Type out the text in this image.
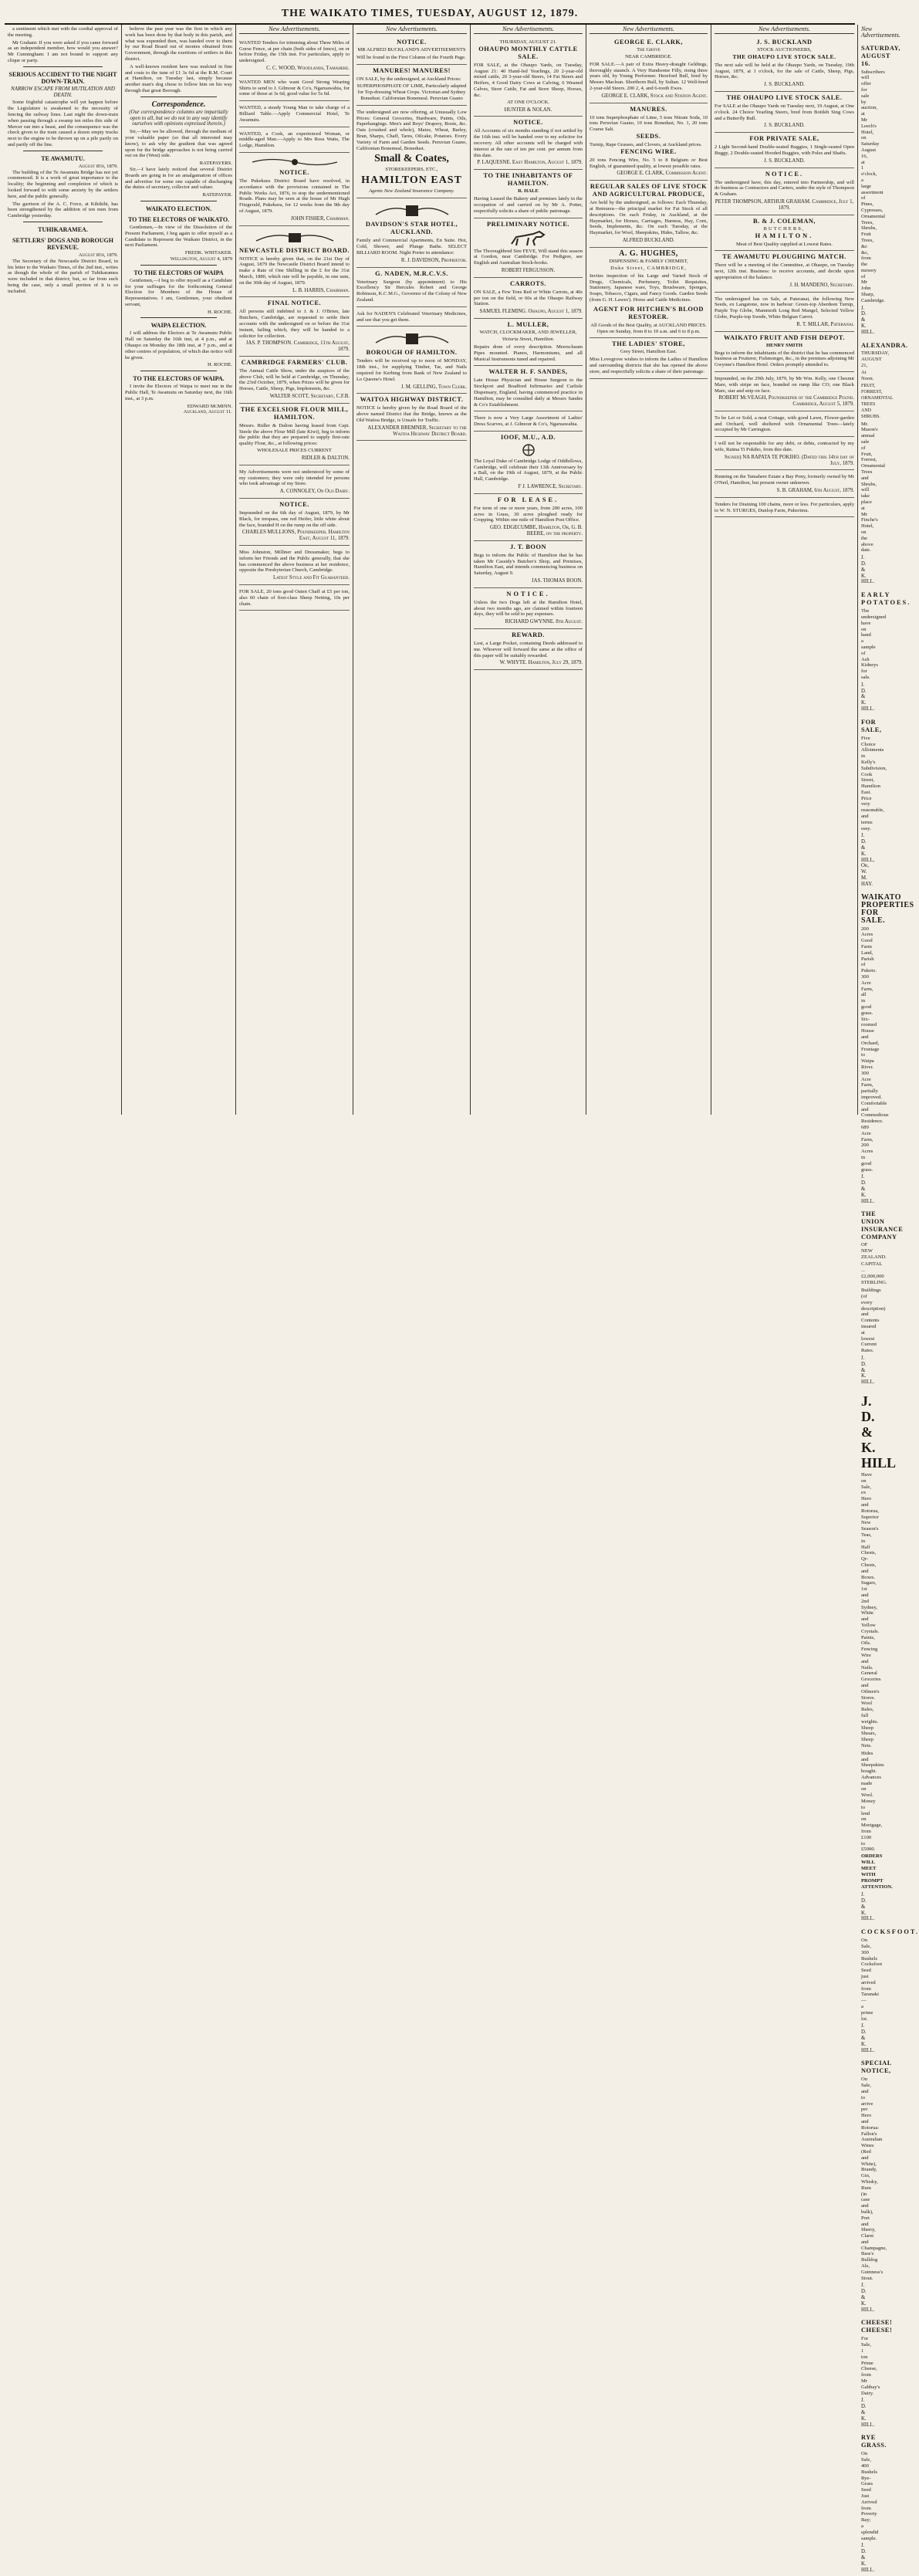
THE WAIKATO TIMES, TUESDAY, AUGUST 12, 1879.

a sentiment which met with the cordial approval of the meeting.

Mr Graham: If you were asked if you came forward as an independent member, how would you answer? Mr Cunningham: I am not bound to support any clique or party.

SERIOUS ACCIDENT TO THE NIGHT DOWN-TRAIN.
NARROW ESCAPE FROM MUTILATION AND DEATH.

Some frightful catastrophe will yet happen before the Legislature is awakened to the necessity of fencing the railway lines. Last night the down-train when passing through a swamp ten miles this side of Mercer ran into a beast, and the consequence was the check given to the train caused a dozen empty trucks next to the engine to be thrown up on a pile partly on and partly off the line.

TE AWAMUTU.
August 8th, 1879.

The building of the Te Awamutu Bridge has not yet commenced. It is a work of great importance to the locality; the beginning and completion of which is looked forward to with some anxiety by the settlers here, and the public generally.

The garrison of the A. C. Force, at Kihikihi, has been strengthened by the addition of ten men from Cambridge yesterday.

TUHIKARAMEA.
SETTLERS' DOGS AND BOROUGH REVENUE.
August 8th, 1879.

The Secretary of the Newcastle District Board, in his letter to the Waikato Times, of the 2nd inst., writes as though the whole of the parish of Tuhikaramea were included in that district; but, so far from such being the case, only a small portion of it is so included.

believe the past year was the first in which any work has been done by that body in this parish, and what was expended then, was handed over to them by our Road Board out of monies obtained from Government, through the exertions of settlers in this district.

A well-known resident here was mulcted in fine and costs to the tune of £1 3s 6d at the R.M. Court at Hamilton, on Tuesday last, simply because another man's dog chose to follow him on his way through that great Borough.

Correspondence.
(Our correspondence columns are impartially open to all, but we do not in any way identify ourselves with opinions expressed therein.)

Sir,—May we be allowed, through the medium of your valuable paper (so that all interested may know), to ask why the gradient that was agreed upon for the bridge approaches is not being carried out on the (West) side.

RATEPAYERS.

Sir,—I have lately noticed that several District Boards are going in for an amalgamation of offices and advertise for some one capable of discharging the duties of secretary, collector and valuer.

RATEPAYER.
WAIKATO ELECTION.
TO THE ELECTORS OF WAIKATO.

Gentlemen,—In view of the Dissolution of the Present Parliament, I beg again to offer myself as a Candidate to Represent the Waikato District, in the next Parliament.

FREDK. WHITAKER.
Wellington, August 4, 1879
TO THE ELECTORS OF WAIPA

Gentlemen,—I beg to offer myself as a Candidate for your suffrages for the forthcoming General Election for Members of the House of Representatives. I am, Gentlemen, your obedient servant,

H. ROCHE.
WAIPA ELECTION.

I will address the Electors at Te Awamutu Public Hall on Saturday the 16th inst, at 4 p.m., and at Ohaupo on Monday the 18th inst, at 7 p.m., and at other centres of population, of which due notice will be given.

H. ROCHE.
TO THE ELECTORS OF WAIPA.

I invite the Electors of Waipa to meet me in the Public Hall, Te Awamutu on Saturday next, the 16th inst., at 3 p.m.

EDWARD McMINN.
Auckland, August 11.
New Advertisements.
WANTED Tenders for trimming about Three Miles of Gorse Fence, at per chain (both sides of fence), on or before Friday, the 15th inst. For particulars, apply to undersigned.
C. C. WOOD, Woodlands, Tamahere.
WANTED MEN who want Good Strong Wearing Shirts to send to J. Gilmour & Co's, Ngaruawahia, for some of those at 3s 6d, good value for 5s 6d.
WANTED, a steady Young Man to take charge of a Billiard Table.—Apply Commercial Hotel, Te Awamutu.
WANTED, a Cook, an experienced Woman, or middle-aged Man.—Apply to Mrs Ross Watts, The Lodge, Hamilton.
NOTICE.
The Pukekura District Board have resolved, in accordance with the provisions contained in The Public Works Act, 1876, to stop the undermentioned Roads. Plans may be seen at the house of Mr Hugh Fitzgerald, Pukekura, for 12 weeks from the 9th day of August, 1879.
JOHN FISHER, Chairman.
NEWCASTLE DISTRICT BOARD.
NOTICE is hereby given that, on the 21st Day of August, 1879 the Newcastle District Board intend to make a Rate of One Shilling in the £ for the 31st March, 1880, which rate will be payable, in one sum, on the 30th day of August, 1879.
L. B. HARRIS, Chairman.
FINAL NOTICE.
All persons still indebted to J. & J. O'Brien, late Butchers, Cambridge, are requested to settle their accounts with the undersigned on or before the 31st instant, failing which, they will be handed to a solicitor for collection.
JAS. P. THOMPSON. Cambridge, 11th August, 1879.
CAMBRIDGE FARMERS' CLUB.
The Annual Cattle Show, under the auspices of the above Club, will be held at Cambridge, on Thursday, the 23rd October, 1879, when Prizes will be given for Horses, Cattle, Sheep, Pigs, Implements, &c.
WALTER SCOTT, Secretary, C.F.B.
THE EXCELSIOR FLOUR MILL, HAMILTON.
Messrs. Ridler & Dalton having leased from Capt. Steele the above Flour Mill (late Kiwi), beg to inform the public that they are prepared to supply first-rate quality Flour, &c., at following prices:
WHOLESALE PRICES CURRENT
RIDLER & DALTON.
My Advertisements were not understood by some of my customers; they were only intended for persons who took advantage of my Store.
A. CONNOLEY, On Old Dairy.
NOTICE.
Impounded on the 6th day of August, 1879, by Mr Black, for trespass, one red Heifer, little white about the face, branded H on the rump on the off side.
CHARLES MULLIONS, Poundkeeper. Hamilton East, August 11, 1879.
Miss Johnston, Milliner and Dressmaker, begs to inform her Friends and the Public generally, that she has commenced the above business at her residence, opposite the Presbyterian Church, Cambridge.
Latest Style and Fit Guaranteed.
FOR SALE, 20 tons good Oaten Chaff at £5 per ton, also 60 chain of first-class Sheep Netting, 10s per chain.
New Advertisements.
NOTICE.
MR ALFRED BUCKLAND'S ADVERTISEMENTS
Will be found in the First Column of the Fourth Page.
MANURES! MANURES!
ON SALE, by the undersigned, at Auckland Prices:
SUPERPHOSPHATE OF LIME, Particularly adapted for Top-dressing Wheat Crops. Victorian and Sydney Bonedust. Californian Bonemeal. Peruvian Guano
The undersigned are now offering, at Unusually Low Prices: General Groceries, Hardware, Paints, Oils, Paperhangings. Men's and Boys' Drapery, Boots, &c. Oats (crushed and whole), Maize, Wheat, Barley, Bran, Sharps, Chaff, Tares, Oilcake, Potatoes. Every Variety of Farm and Garden Seeds. Peruvian Guano, Californian Bonemeal, Bonedust.
Small & Coates,
STOREKEEPERS, ETC.,
HAMILTON EAST
Agents New Zealand Insurance Company.
DAVIDSON'S STAR HOTEL, AUCKLAND.
Family and Commercial Apartments, En Suite. Hot, Cold, Shower, and Plunge Baths. SELECT BILLIARD ROOM. Night Porter in attendance:
R. J. DAVIDSON, Proprietor.
G. NADEN, M.R.C.V.S.
Veterinary Surgeon (by appointment) to His Excellency Sir Hercules Robert and George Robinson, K.C.M.G., Governor of the Colony of New Zealand.
Ask for NADEN'S Celebrated Veterinary Medicines, and see that you get them.
BOROUGH OF HAMILTON.
Tenders will be received up to noon of MONDAY, 18th inst., for supplying Timber, Tar, and Nails required for Kerbing from Bank of New Zealand to Lo Queene's Hotel.
J. M. GELLING, Town Clerk.
WAITOA HIGHWAY DISTRICT.
NOTICE is hereby given by the Road Board of the above named District that the Bridge, known as the Old Waitoa Bridge, is Unsafe for Traffic.
ALEXANDER BREMNER, Secretary to the Waitoa Highway District Board.
New Advertisements.
THURSDAY, AUGUST 21.
OHAUPO MONTHLY CATTLE SALE.
FOR SALE, at the Ohaupo Yards, on Tuesday, August 21: 40 Hand-fed Yearlings, 20 2-year-old mixed cattle, 20 3-year-old Steers, 14 Fat Steers and Heifers, 4 Good Dairy Cows at Calving, 6 Weaned Calves, Store Cattle, Fat and Store Sheep, Horses, &c.
AT ONE O'CLOCK.
HUNTER & NOLAN.
NOTICE.
All Accounts of six months standing if not settled by the 16th inst. will be handed over to my solicitor for recovery. All other accounts will be charged with interest at the rate of ten per cent. per annum from this date.
P. LAQUESNE. East Hamilton, August 1, 1879.
TO THE INHABITANTS OF HAMILTON.
R. HALE
Having Leased the Bakery and premises lately in the occupation of and carried on by Mr A. Potter, respectfully solicits a share of public patronage.
PRELIMINARY NOTICE.
The Thoroughbred Sire FEVE, Will stand this season at Gordon, near Cambridge. For Pedigree, see English and Australian Stock-books.
ROBERT FERGUSSON.
CARROTS.
ON SALE, a Few Tons Red or White Carrots, at 40s per ton on the field, or 60s at the Ohaupo Railway Station.
SAMUEL FLEMING. Ohaupo, August 1, 1879.
L. MULLER,
WATCH, CLOCKMAKER, AND JEWELLER,
Victoria Street, Hamilton.
Repairs done of every description. Meerschaum Pipes mounted. Pianos, Harmoniums, and all Musical Instruments tuned and repaired.
WALTER H. F. SANDES,
Late House Physician and House Surgeon to the Stockport and Bradford Infirmaries and Carlisle Dispensary, England, having commenced practice in Hamilton, may be consulted daily at Messrs Sandes & Co's Establishment.
There is now a Very Large Assortment of Ladies' Dress Scarves, at J. Gilmour & Co's, Ngaruawahia.
IOOF, M.U., A.D.
The Loyal Duke of Cambridge Lodge of Oddfellows, Cambridge, will celebrate their 13th Anniversary by a Ball, on the 19th of August, 1879, at the Public Hall, Cambridge.
F J. LAWRENCE, Secretary.
FOR LEASE.
For term of one or more years, from 200 acres, 100 acres in Grass, 30 acres ploughed ready for Cropping. Within one mile of Hamilton Post Office.
GEO. EDGECUMBE, Hamilton, Or, G. B. BEERE, on the property.
J. T. BOON
Begs to inform the Public of Hamilton that he has taken Mr Cassidy's Butcher's Shop, and Premises, Hamilton East, and intends commencing business on Saturday, August 9.
JAS. THOMAS BOON.
NOTICE.
Unless the two Dogs left at the Hamilton Hotel, about two months ago, are claimed within fourteen days, they will be sold to pay expenses.
RICHARD GWYNNE. 8th August.
REWARD.
Lost, a Large Pocket, containing Deeds addressed to me. Whoever will forward the same at the office of this paper will be suitably rewarded.
W. WHYTE. Hamilton, July 29, 1879.
New Advertisements.
GEORGE E. CLARK,
The Grove
NEAR CAMBRIDGE.
FOR SALE.—A pair of Extra Heavy-draught Geldings, thoroughly staunch. A Very Handsome Filly, rising three years old, by Young Performer. Hereford Bull, bred by Messrs Maclean. Shorthorn Bull, by Sultan. 12 Well-bred 2-year-old Steers. 200 2, 4, and 6-tooth Ewes.
GEORGE E. CLARK, Stock and Station Agent.
MANURES.
10 tons Superphosphate of Lime, 5 tons Nitrate Soda, 10 tons Peruvian Guano, 10 tons Bonedust, No. 1, 20 tons Coarse Salt.
SEEDS.
Turnip, Rape Grasses, and Clovers, at Auckland prices.
FENCING WIRE.
20 tons Fencing Wire, No. 5 to 8 Belgium or Best English, of guaranteed quality, at lowest possible rates.
GEORGE E. CLARK, Commission Agent.
REGULAR SALES OF LIVE STOCK AND AGRICULTURAL PRODUCE,
Are held by the undersigned, as follows: Each Thursday, at Remuera—the principal market for Fat Stock of all descriptions. On each Friday, in Auckland, at the Haymarket, for Horses, Carriages, Harness, Hay, Corn, Seeds, Implements, &c. On each Tuesday, at the Haymarket, for Wool, Sheepskins, Hides, Tallow, &c.
ALFRED BUCKLAND.
A. G. HUGHES,
DISPENSING & FAMILY CHEMIST,
Duke Street, CAMBRIDGE,
Invites inspection of his Large and Varied Stock of Drugs, Chemicals, Perfumery, Toilet Requisites, Stationery, Japanese ware, Toys, Brushware, Sponges, Soaps, Tobacco, Cigars, and Fancy Goods. Garden Seeds (from G. H. Lawes'). Horse and Cattle Medicines.
AGENT FOR HITCHEN'S BLOOD RESTORER.
All Goods of the Best Quality, at AUCKLAND PRICES. Open on Sunday, from 8 to 10 a.m. and 6 to 8 p.m.
THE LADIES' STORE,
Grey Street, Hamilton East.
Miss Lovegrove wishes to inform the Ladies of Hamilton and surrounding districts that she has opened the above store, and respectfully solicits a share of their patronage.
New Advertisements.
J. S. BUCKLAND
STOCK AUCTIONEERS,
THE OHAUPO LIVE STOCK SALE.
The next sale will be held at the Ohaupo Yards, on Tuesday, 19th August, 1879, at 1 o'clock, for the sale of Cattle, Sheep, Pigs, Horses, &c.
J. S. BUCKLAND.
THE OHAUPO LIVE STOCK SALE.
For SALE at the Ohaupo Yards on Tuesday next, 19 August, at One o'clock. 24 Choice Yearling Steers, bred from Bottleh Sing Cows and a Butterfly Bull.
J. S. BUCKLAND.
FOR PRIVATE SALE,
2 Light Second-hand Double-seated Buggies, 1 Single-seated Open Buggy, 2 Double-seated Hooded Buggies, with Poles and Shafts.
J. S. BUCKLAND.
NOTICE.
The undersigned have, this day, entered into Partnership, and will do business as Contractors and Carters, under the style of Thompson & Graham.
PETER THOMPSON, ARTHUR GRAHAM. Cambridge, July 1, 1879.
B. & J. COLEMAN,
BUTCHERS,
HAMILTON.
Meat of Best Quality supplied at Lowest Rates.
TE AWAMUTU PLOUGHING MATCH.
There will be a meeting of the Committee, at Ohaupo, on Tuesday next, 12th inst. Business: to receive accounts, and decide upon appropriation of the balance.
J. H. MANDENO, Secretary.
The undersigned has on Sale, at Pateranai, the following New Seeds, ex Langstone, now in harbour: Green-top Aberdeen Turnip, Purple Top Globe, Mammoth Long Red Mangel, Selected Yellow Globe, Purple-top Swede, White Belgian Carrot.
R. T. MILLAR, Pateranai.
WAIKATO FRUIT AND FISH DEPOT.
HENRY SMITH
Begs to inform the inhabitants of the district that he has commenced business as Fruiterer, Fishmonger, &c., in the premises adjoining Mr Gwynne's Hamilton Hotel. Orders promptly attended to.
Impounded, on the 29th July, 1879, by Mr Wm. Kelly, one Chesnut Mare, with stripe on face, branded on rump like CO; one Black Mare, star and snip on face.
ROBERT McVEAGH, Poundkeeper of the Cambridge Pound. Cambridge, August 5, 1879.
To be Let or Sold, a neat Cottage, with good Lawn, Flower-garden and Orchard, well sheltered with Ornamental Trees—lately occupied by Mr Carrington.
I will not be responsible for any debt, or debts, contracted by my wife, Raima Ti Pokiho, from this date.
Signed) NA RAPATA TE POKIHO. (Dated this 14th day of July, 1879.
Running on the Tamahere Estate a Bay Pony, formerly owned by Mr O'Neil, Hamilton, but present owner unknown.
S. B. GRAHAM, 6th August, 1879.
Tenders for Draining 100 chains, more or less. For particulars, apply to W. N. STURGES, Dunlop Farm, Pukerimu.
New Advertisements.
SATURDAY, AUGUST 16.
Subscribers will offer for sale by auction, at Mr Leech's Hotel, on Saturday August 16, at 1 o'clock, a large assortment of Pines, Cypresses, Ornamental Trees, Shrubs, Fruit Trees, &c &c, from the nursery of Mr John Sharp, Cambridge.
J. D. & K. HILL.
ALEXANDRA.
THURSDAY, AUGUST 21,
At Noon.
FRUIT, FORREST, ORNAMENTAL TREES AND SHRUBS.
Mr. Mason's annual sale of Fruit, Forrest, Ornamental Trees and Shrubs, will take place at Mr Finche's Hotel, on the above date.
J. D. & K. HILL.
EARLY POTATOES.
The undersigned have on hand a sample of Ash Kidneys for sale.
J. D. & K. HILL.
FOR SALE,
Five Choice Allotments in Kelly's Subdivision, Cook Street, Hamilton East. Price very reasonable, and terms easy.
J. D. & K. HILL, Or, W. M. HAY.
WAIKATO PROPERTIES FOR SALE.
200 Acres Good Farm Land, Parish of Puketo. 300 Acre Farm, all in good grass. Six-roomed House and Orchard, Frontage to Waipa River. 300 Acre Farm, partially improved. Comfortable and Commodious Residence. 689 Acre Farm, 200 Acres in good grass.
J. D. & K. HILL.
THE UNION INSURANCE COMPANY
OF NEW ZEALAND.
CAPITAL ... £2,000,000 STERLING.
Buildings (of every description) and Contents insured at lowest Current Rates.
J. D. & K. HILL.
J. D. & K. HILL
Have on Sale, ex Hero and Rotorua, Superior New Season's Teas, in Half Chests, Qr-Chests, and Boxes. Sugars, 1st and 2nd Sydney, White and Yellow Crystals. Paints, Oils. Fencing Wire and Nails. General Groceries and Oilmen's Stores. Wool Bales, full weights. Sheep Shears, Sheep Nets.
Hides and Sheepskins bought. Advances made on Wool. Money to lend on Mortgage, from £100 to £5000.
ORDERS WILL MEET WITH PROMPT ATTENTION.
J. D. & K. HILL.
COCKSFOOT.
On Sale, 300 Bushels Cocksfoot Seed just arrived from Taranaki—a prime lot.
J. D. & K. HILL.
SPECIAL NOTICE,
On Sale, and to arrive per Hero and Rotorua: Fallon's Australian Wines (Red and White), Brandy, Gin, Whisky, Rum (in case and bulk), Port and Sherry, Claret and Champagne, Bass's Bulldog Ale, Guinness's Stout.
J. D. & K. HILL.
CHEESE! CHEESE!
For Sale, 1 ton Prime Cheese, from Mr Gabbay's Dairy.
J. D. & K. HILL.
RYE GRASS.
On Sale, 400 Bushels Rye-Grass Seed Just Arrived from Poverty Bay; a splendid sample.
J. D. & K. HILL.
